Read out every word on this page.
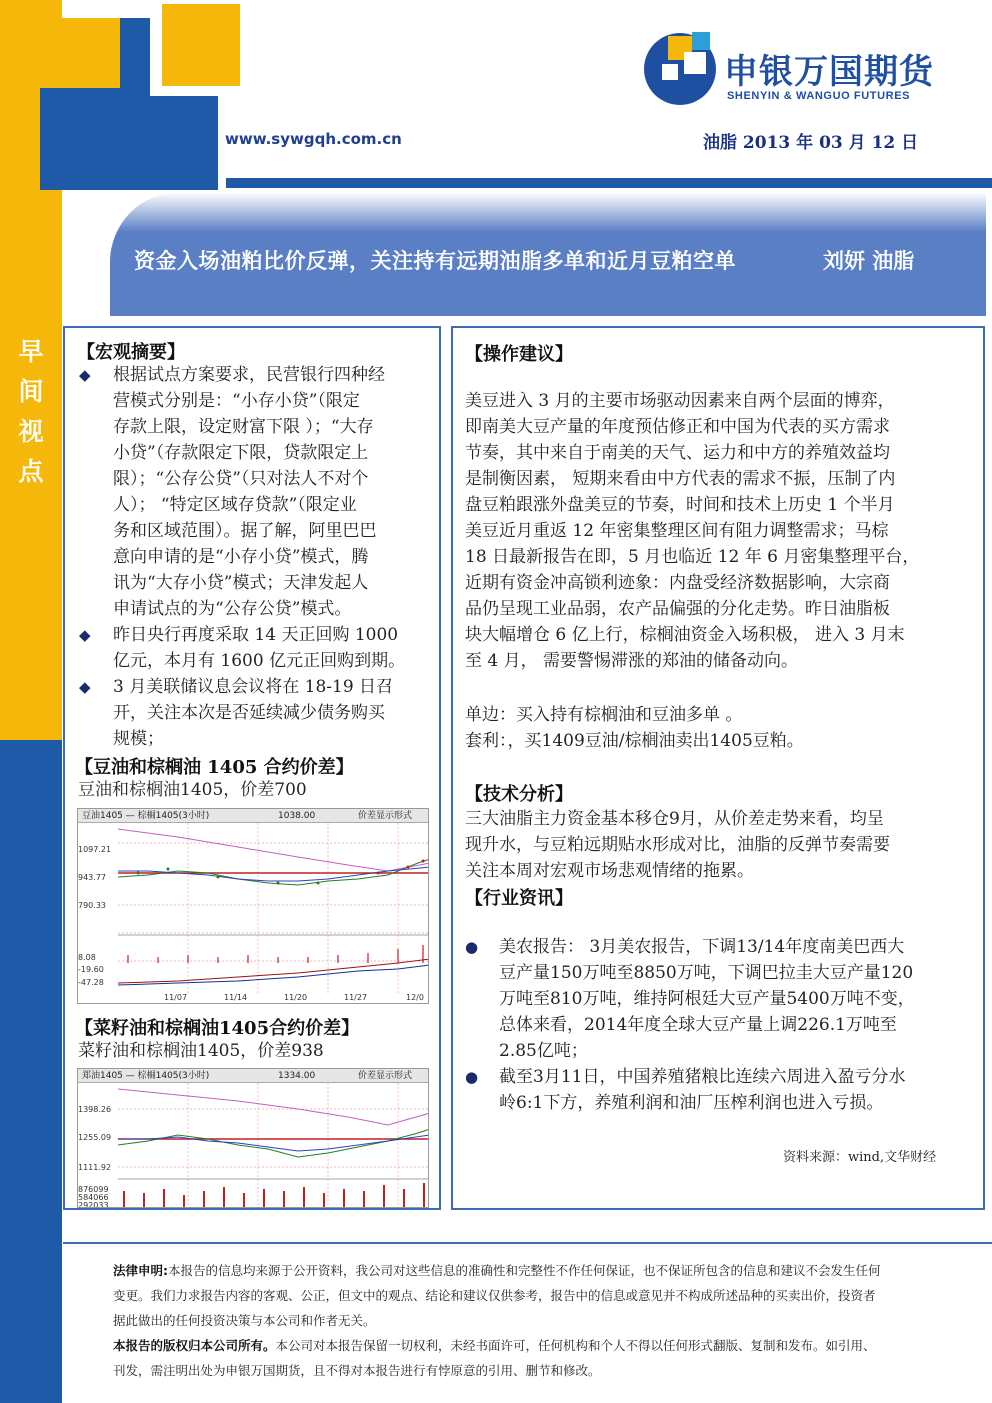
申银万国期货
SHENYIN & WANGUO FUTURES
www.sywgqh.com.cn	油脂 2013 年 03 月 12 日
早
间
视
点
资金入场油粕比价反弹，关注持有远期油脂多单和近月豆粕空单	刘妍 油脂
【宏观摘要】
◆ 根据试点方案要求，民营银行四种经
营模式分别是：“小存小贷”（限定
存款上限，设定财富下限 ）；“大存
小贷”（存款限定下限，贷款限定上
限）；“公存公贷”（只对法人不对个
人）； “特定区域存贷款”（限定业
务和区域范围）。据了解，阿里巴巴
意向申请的是“小存小贷”模式，腾
讯为“大存小贷”模式；天津发起人
申请试点的为“公存公贷”模式。
◆ 昨日央行再度采取 14 天正回购 1000
亿元，本月有 1600 亿元正回购到期。
◆ 3 月美联储议息会议将在 18-19 日召
开，关注本次是否延续减少债务购买
规模；
【豆油和棕榈油 1405 合约价差】
豆油和棕榈油1405，价差700
豆油1405 — 棕榈1405(3小时)	1038.00	价差显示形式
1097.21
943.77
790.33
8.08
-19.60
-47.28
11/07	11/14	11/20	11/27	12/0
【菜籽油和棕榈油1405合约价差】
菜籽油和棕榈油1405，价差938
郑油1405 — 棕榈1405(3小时)	1334.00	价差显示形式
1398.26
1255.09
1111.92
876099
584066
292033
【操作建议】
美豆进入 3 月的主要市场驱动因素来自两个层面的博弈，
即南美大豆产量的年度预估修正和中国为代表的买方需求
节奏，其中来自于南美的天气、运力和中方的养殖效益均
是制衡因素， 短期来看由中方代表的需求不振，压制了内
盘豆粕跟涨外盘美豆的节奏，时间和技术上历史 1 个半月
美豆近月重返 12 年密集整理区间有阻力调整需求；马棕
18 日最新报告在即，5 月也临近 12 年 6 月密集整理平台，
近期有资金冲高锁利迹象：内盘受经济数据影响，大宗商
品仍呈现工业品弱，农产品偏强的分化走势。昨日油脂板
块大幅增仓 6 亿上行，棕榈油资金入场积极， 进入 3 月末
至 4 月， 需要警惕滞涨的郑油的储备动向。
单边：买入持有棕榈油和豆油多单 。
套利：，买1409豆油/棕榈油卖出1405豆粕。
【技术分析】
三大油脂主力资金基本移仓9月，从价差走势来看，均呈
现升水，与豆粕远期贴水形成对比，油脂的反弹节奏需要
关注本周对宏观市场悲观情绪的拖累。
【行业资讯】
● 美农报告： 3月美农报告，下调13/14年度南美巴西大
豆产量150万吨至8850万吨，下调巴拉圭大豆产量120
万吨至810万吨，维持阿根廷大豆产量5400万吨不变，
总体来看，2014年度全球大豆产量上调226.1万吨至
2.85亿吨；
● 截至3月11日，中国养殖猪粮比连续六周进入盈亏分水
岭6:1下方，养殖利润和油厂压榨利润也进入亏损。
资料来源：wind,文华财经
法律申明:本报告的信息均来源于公开资料，我公司对这些信息的准确性和完整性不作任何保证，也不保证所包含的信息和建议不会发生任何
变更。我们力求报告内容的客观、公正，但文中的观点、结论和建议仅供参考，报告中的信息或意见并不构成所述品种的买卖出价，投资者
据此做出的任何投资决策与本公司和作者无关。
本报告的版权归本公司所有。本公司对本报告保留一切权利，未经书面许可，任何机构和个人不得以任何形式翻版、复制和发布。如引用、
刊发，需注明出处为申银万国期货，且不得对本报告进行有悖原意的引用、删节和修改。
